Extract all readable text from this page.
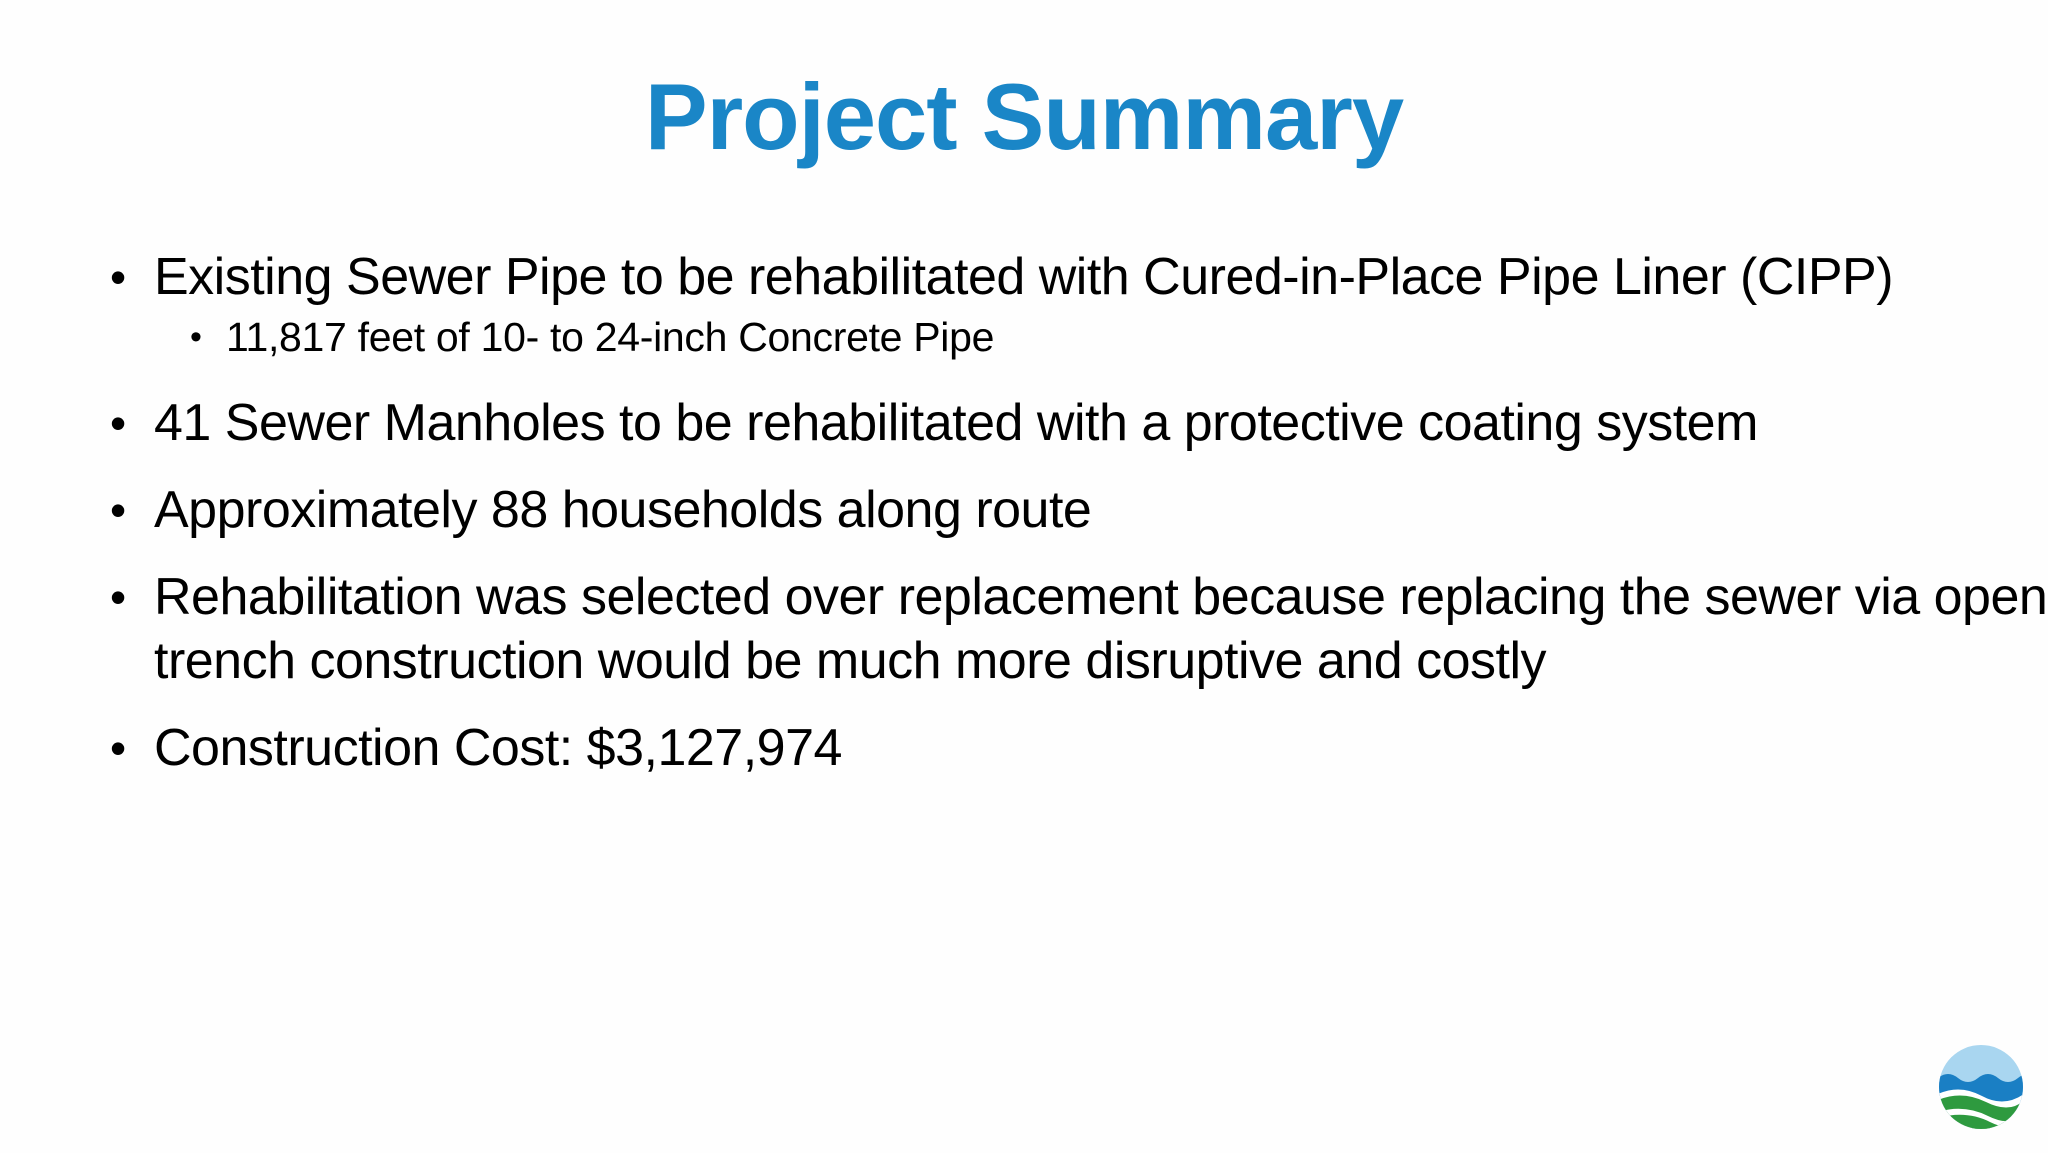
Project Summary
• Existing Sewer Pipe to be rehabilitated with Cured-in-Place Pipe Liner (CIPP)
• 11,817 feet of 10- to 24-inch Concrete Pipe
• 41 Sewer Manholes to be rehabilitated with a protective coating system
• Approximately 88 households along route
• Rehabilitation was selected over replacement because replacing the sewer via open trench construction would be much more disruptive and costly
• Construction Cost: $3,127,974
